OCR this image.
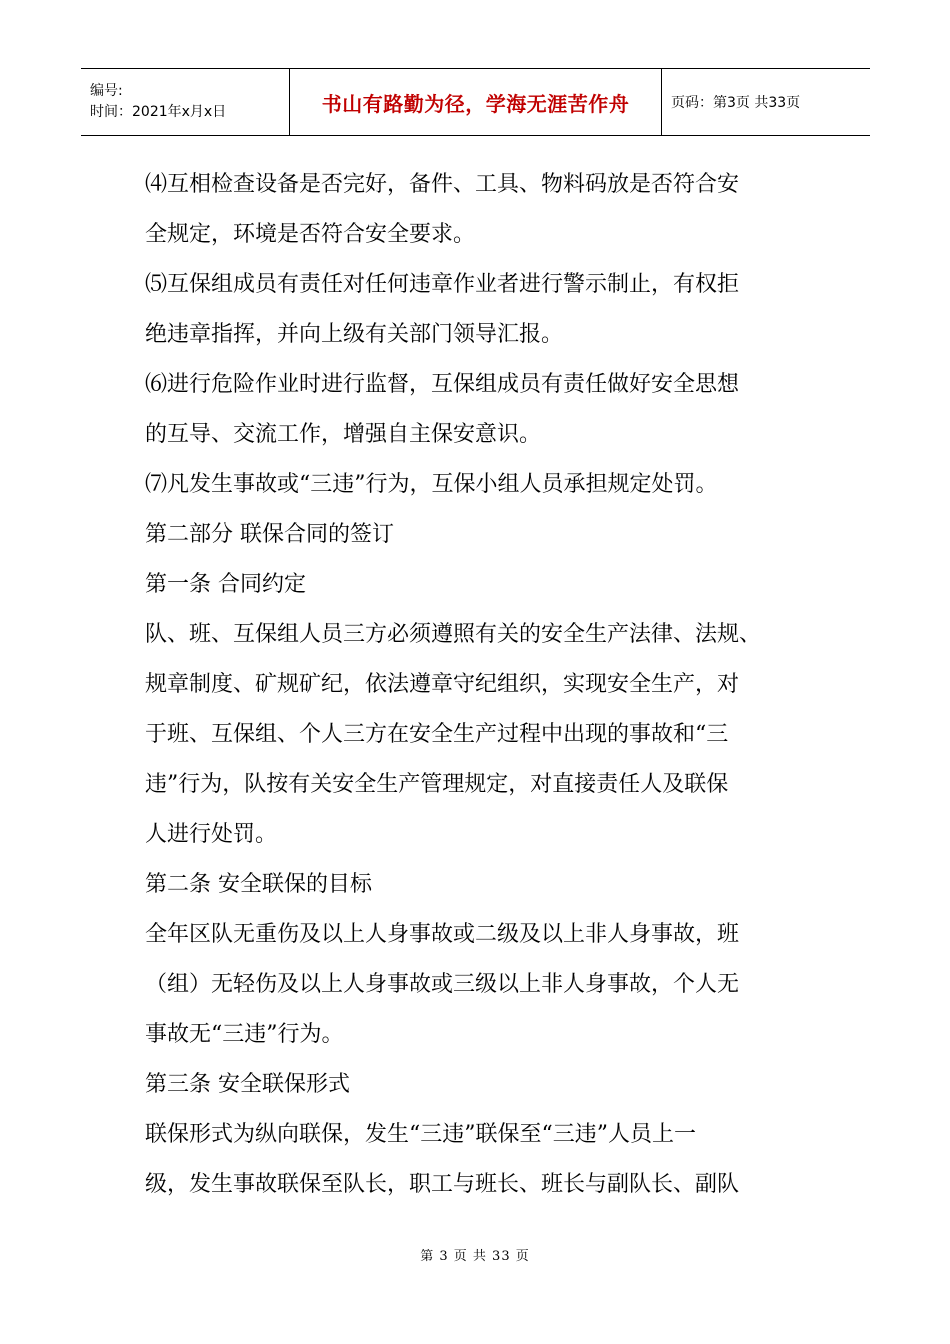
编号:
时间：2021年x月x日	书山有路勤为径，学海无涯苦作舟	页码：第3页 共33页

⑷互相检查设备是否完好，备件、工具、物料码放是否符合安

全规定，环境是否符合安全要求。

⑸互保组成员有责任对任何违章作业者进行警示制止，有权拒

绝违章指挥，并向上级有关部门领导汇报。

⑹进行危险作业时进行监督，互保组成员有责任做好安全思想

的互导、交流工作，增强自主保安意识。

⑺凡发生事故或“三违”行为，互保小组人员承担规定处罚。

第二部分 联保合同的签订

第一条 合同约定

队、班、互保组人员三方必须遵照有关的安全生产法律、法规、

规章制度、矿规矿纪，依法遵章守纪组织，实现安全生产，对

于班、互保组、个人三方在安全生产过程中出现的事故和“三

违”行为，队按有关安全生产管理规定，对直接责任人及联保

人进行处罚。

第二条 安全联保的目标

全年区队无重伤及以上人身事故或二级及以上非人身事故，班

（组）无轻伤及以上人身事故或三级以上非人身事故，个人无

事故无“三违”行为。

第三条 安全联保形式

联保形式为纵向联保，发生“三违”联保至“三违”人员上一

级，发生事故联保至队长，职工与班长、班长与副队长、副队

第 3 页 共 33 页
